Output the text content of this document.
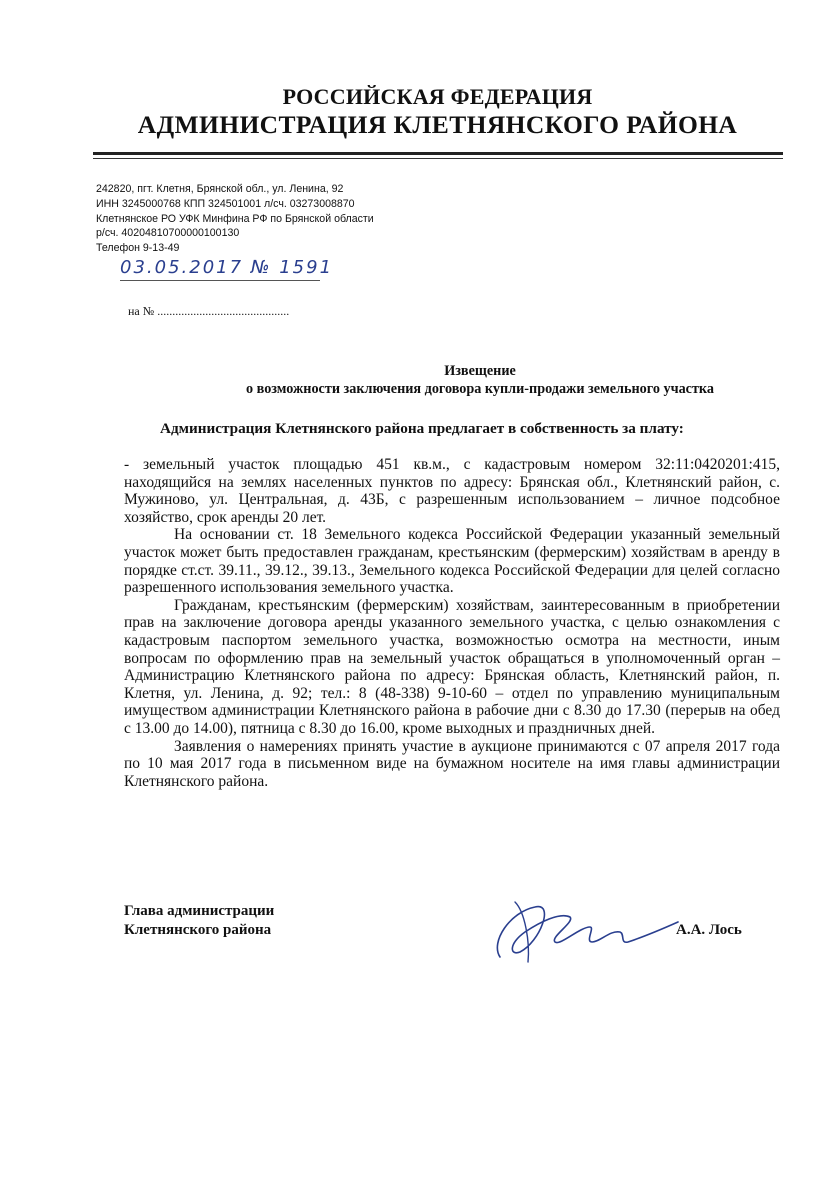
РОССИЙСКАЯ ФЕДЕРАЦИЯ
АДМИНИСТРАЦИЯ КЛЕТНЯНСКОГО РАЙОНА
242820, пгт. Клетня, Брянской обл., ул. Ленина, 92
ИНН 3245000768 КПП 324501001 л/сч. 03273008870
Клетнянское РО УФК Минфина РФ по Брянской области
р/сч. 40204810700000100130
Телефон 9-13-49
03.05.2017 № 1591
на № ............................................
Извещение
о возможности заключения договора купли-продажи земельного участка
Администрация Клетнянского района предлагает в собственность за плату:

- земельный участок площадью 451 кв.м., с кадастровым номером 32:11:0420201:415, находящийся на землях населенных пунктов по адресу: Брянская обл., Клетнянский район, с. Мужиново, ул. Центральная, д. 43Б, с разрешенным использованием – личное подсобное хозяйство, срок аренды 20 лет.

На основании ст. 18 Земельного кодекса Российской Федерации указанный земельный участок может быть предоставлен гражданам, крестьянским (фермерским) хозяйствам в аренду в порядке ст.ст. 39.11., 39.12., 39.13., Земельного кодекса Российской Федерации для целей согласно разрешенного использования земельного участка.

Гражданам, крестьянским (фермерским) хозяйствам, заинтересованным в приобретении прав на заключение договора аренды указанного земельного участка, с целью ознакомления с кадастровым паспортом земельного участка, возможностью осмотра на местности, иным вопросам по оформлению прав на земельный участок обращаться в уполномоченный орган – Администрацию Клетнянского района по адресу: Брянская область, Клетнянский район, п. Клетня, ул. Ленина, д. 92; тел.: 8 (48-338) 9-10-60 – отдел по управлению муниципальным имуществом администрации Клетнянского района в рабочие дни с 8.30 до 17.30 (перерыв на обед с 13.00 до 14.00), пятница с 8.30 до 16.00, кроме выходных и праздничных дней.

Заявления о намерениях принять участие в аукционе принимаются с 07 апреля 2017 года по 10 мая 2017 года в письменном виде на бумажном носителе на имя главы администрации Клетнянского района.

Глава администрации
Клетнянского района	А.А. Лось
